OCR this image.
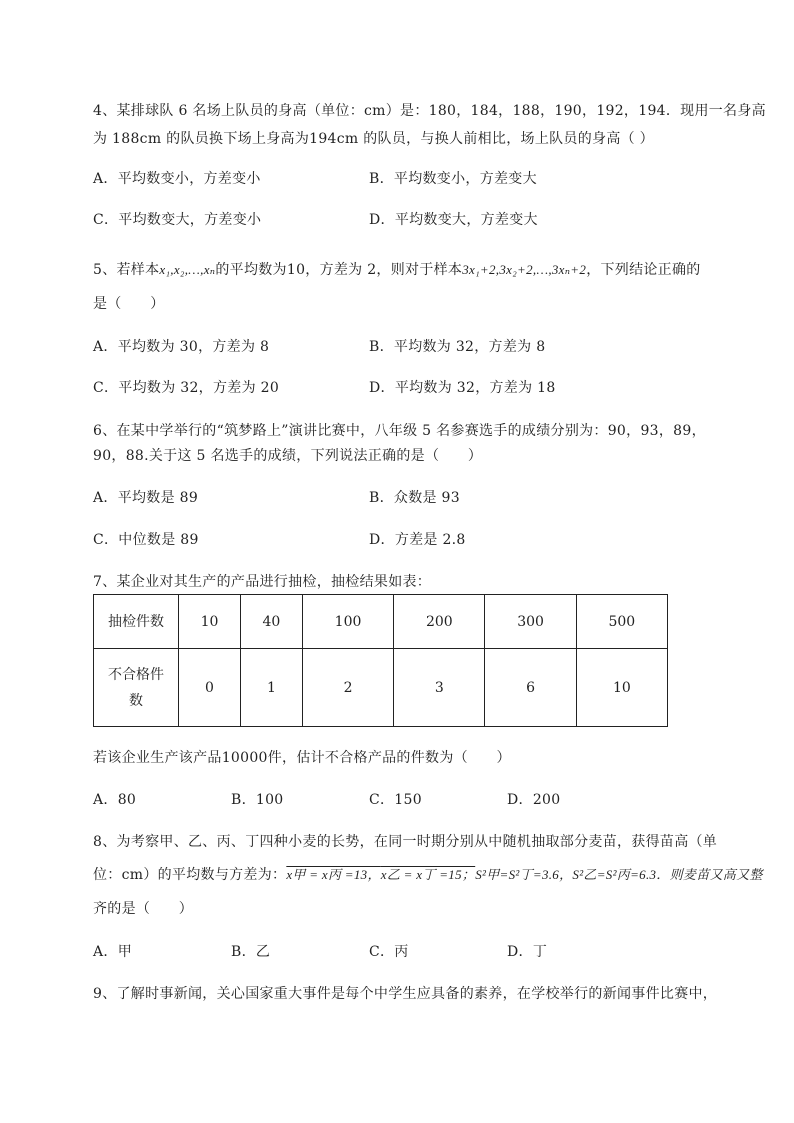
4、某排球队 6 名场上队员的身高（单位：cm）是：180，184，188，190，192，194．现用一名身高
为 188cm 的队员换下场上身高为194cm 的队员，与换人前相比，场上队员的身高（ ）
A．平均数变小，方差变小	B．平均数变小，方差变大
C．平均数变大，方差变小	D．平均数变大，方差变大
5、若样本x₁,x₂,…,xₙ的平均数为10，方差为 2，则对于样本3x₁+2,3x₂+2,…,3xₙ+2，下列结论正确的
是（　　）
A．平均数为 30，方差为 8	B．平均数为 32，方差为 8
C．平均数为 32，方差为 20	D．平均数为 32，方差为 18
6、在某中学举行的“筑梦路上”演讲比赛中，八年级 5 名参赛选手的成绩分别为：90，93，89，
90，88.关于这 5 名选手的成绩，下列说法正确的是（　　）
A．平均数是 89	B．众数是 93
C．中位数是 89	D．方差是 2.8
7、某企业对其生产的产品进行抽检，抽检结果如表：
抽检件数	10	40	100	200	300	500
不合格件
数	0	1	2	3	6	10
若该企业生产该产品10000件，估计不合格产品的件数为（　　）
A．80	B．100	C．150	D．200
8、为考察甲、乙、丙、丁四种小麦的长势，在同一时期分别从中随机抽取部分麦苗，获得苗高（单
位：cm）的平均数与方差为：x甲 = x丙 =13，x乙 = x丁 =15；S²甲=S²丁=3.6，S²乙=S²丙=6.3．则麦苗又高又整
齐的是（　　）
A．甲	B．乙	C．丙	D．丁
9、了解时事新闻，关心国家重大事件是每个中学生应具备的素养，在学校举行的新闻事件比赛中，
